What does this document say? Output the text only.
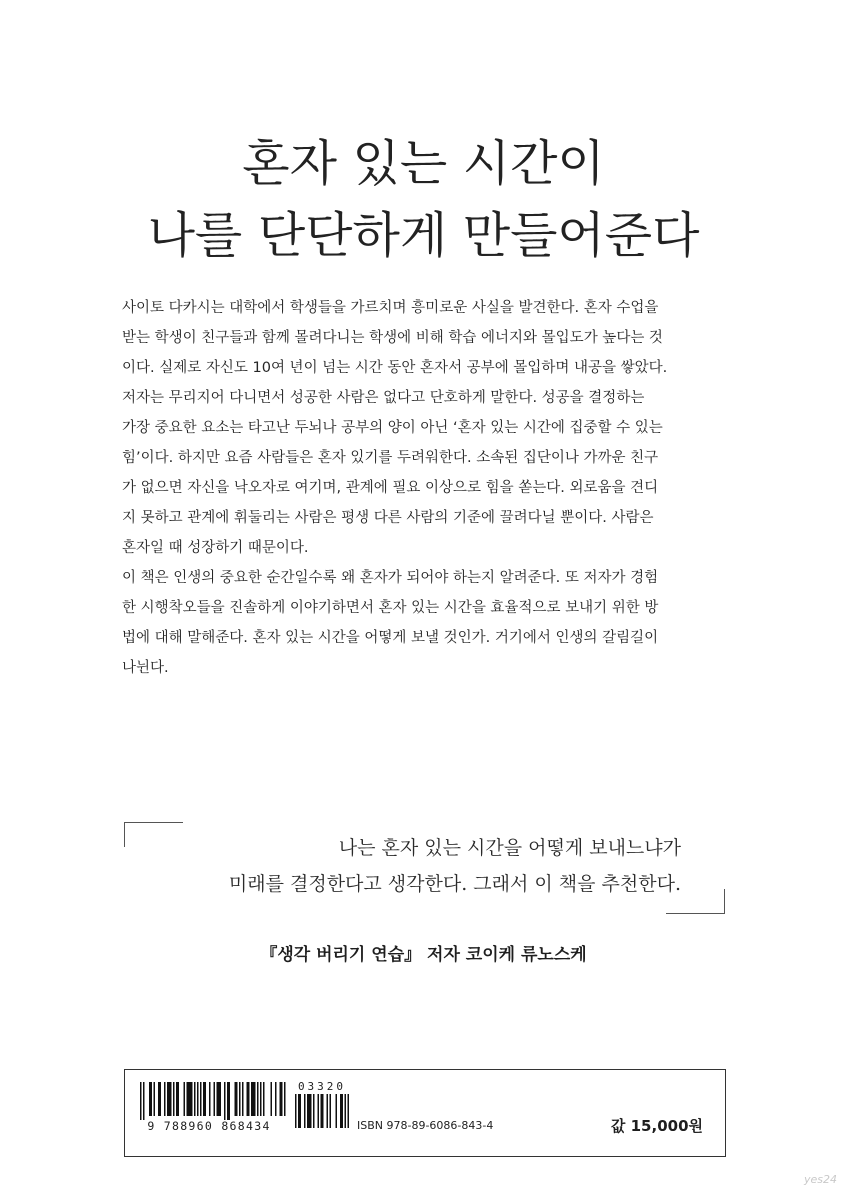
혼자 있는 시간이
나를 단단하게 만들어준다
사이토 다카시는 대학에서 학생들을 가르치며 흥미로운 사실을 발견한다. 혼자 수업을
받는 학생이 친구들과 함께 몰려다니는 학생에 비해 학습 에너지와 몰입도가 높다는 것
이다. 실제로 자신도 10여 년이 넘는 시간 동안 혼자서 공부에 몰입하며 내공을 쌓았다.
저자는 무리지어 다니면서 성공한 사람은 없다고 단호하게 말한다. 성공을 결정하는
가장 중요한 요소는 타고난 두뇌나 공부의 양이 아닌 ‘혼자 있는 시간에 집중할 수 있는
힘’이다. 하지만 요즘 사람들은 혼자 있기를 두려워한다. 소속된 집단이나 가까운 친구
가 없으면 자신을 낙오자로 여기며, 관계에 필요 이상으로 힘을 쏟는다. 외로움을 견디
지 못하고 관계에 휘둘리는 사람은 평생 다른 사람의 기준에 끌려다닐 뿐이다. 사람은
혼자일 때 성장하기 때문이다.
이 책은 인생의 중요한 순간일수록 왜 혼자가 되어야 하는지 알려준다. 또 저자가 경험
한 시행착오들을 진솔하게 이야기하면서 혼자 있는 시간을 효율적으로 보내기 위한 방
법에 대해 말해준다. 혼자 있는 시간을 어떻게 보낼 것인가. 거기에서 인생의 갈림길이
나뉜다.
나는 혼자 있는 시간을 어떻게 보내느냐가
미래를 결정한다고 생각한다. 그래서 이 책을 추천한다.
『생각 버리기 연습』 저자 코이케 류노스케
9 788960 868434
03320
ISBN 978-89-6086-843-4	값 15,000원
yes24
